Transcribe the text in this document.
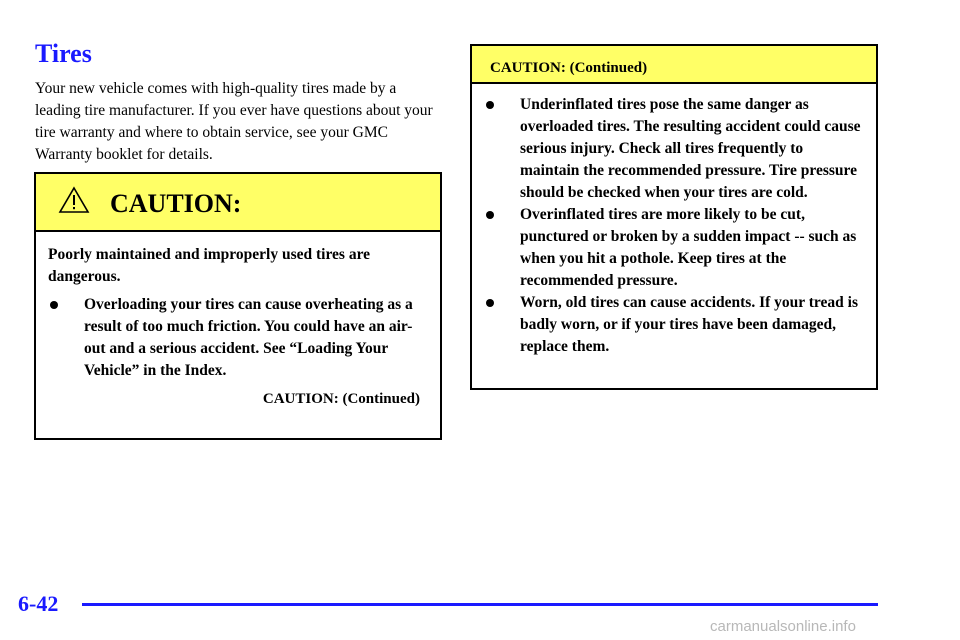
Tires

Your new vehicle comes with high-quality tires made by a leading tire manufacturer. If you ever have questions about your tire warranty and where to obtain service, see your GMC Warranty booklet for details.

CAUTION:

Poorly maintained and improperly used tires are dangerous.

Overloading your tires can cause overheating as a result of too much friction. You could have an air-out and a serious accident. See “Loading Your Vehicle” in the Index.
CAUTION: (Continued)
CAUTION: (Continued)
Underinflated tires pose the same danger as overloaded tires. The resulting accident could cause serious injury. Check all tires frequently to maintain the recommended pressure. Tire pressure should be checked when your tires are cold.
Overinflated tires are more likely to be cut, punctured or broken by a sudden impact -- such as when you hit a pothole. Keep tires at the recommended pressure.
Worn, old tires can cause accidents. If your tread is badly worn, or if your tires have been damaged, replace them.
6-42
carmanualsonline.info
